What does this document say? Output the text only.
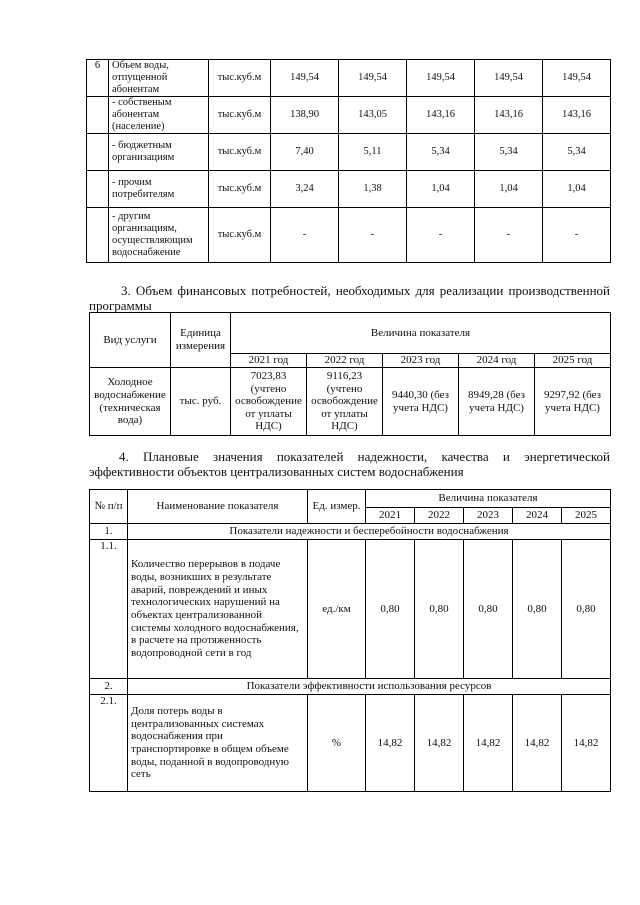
6	Объем воды, отпущенной абонентам	тыс.куб.м	149,54	149,54	149,54	149,54	149,54
	- собственым абонентам (население)	тыс.куб.м	138,90	143,05	143,16	143,16	143,16
	- бюджетным организациям	тыс.куб.м	7,40	5,11	5,34	5,34	5,34
	- прочим потребителям	тыс.куб.м	3,24	1,38	1,04	1,04	1,04
	- другим организациям, осуществляющим водоснабжение	тыс.куб.м	-	-	-	-	-

3. Объем финансовых потребностей, необходимых для реализации производственной программы

Вид услуги	Единица измерения	Величина показателя				
		2021 год	2022 год	2023 год	2024 год	2025 год
Холодное водоснабжение (техническая вода)	тыс. руб.	7023,83 (учтено освобождение от уплаты НДС)	9116,23 (учтено освобождение от уплаты НДС)	9440,30 (без учета НДС)	8949,28 (без учета НДС)	9297,92 (без учета НДС)

4. Плановые значения показателей надежности, качества и энергетической эффективности объектов централизованных систем водоснабжения

№ п/п	Наименование показателя	Ед. измер.	Величина показателя				
			2021	2022	2023	2024	2025
1.	Показатели надежности и бесперебойности водоснабжения						
1.1.	Количество перерывов в подаче воды, возникших в результате аварий, повреждений и иных технологических нарушений на объектах централизованной системы холодного водоснабжения, в расчете на протяженность водопроводной сети в год	ед./км	0,80	0,80	0,80	0,80	0,80
2.	Показатели эффективности использования ресурсов						
2.1.	Доля потерь воды в централизованных системах водоснабжения при транспортировке в общем объеме воды, поданной в водопроводную сеть	%	14,82	14,82	14,82	14,82	14,82
